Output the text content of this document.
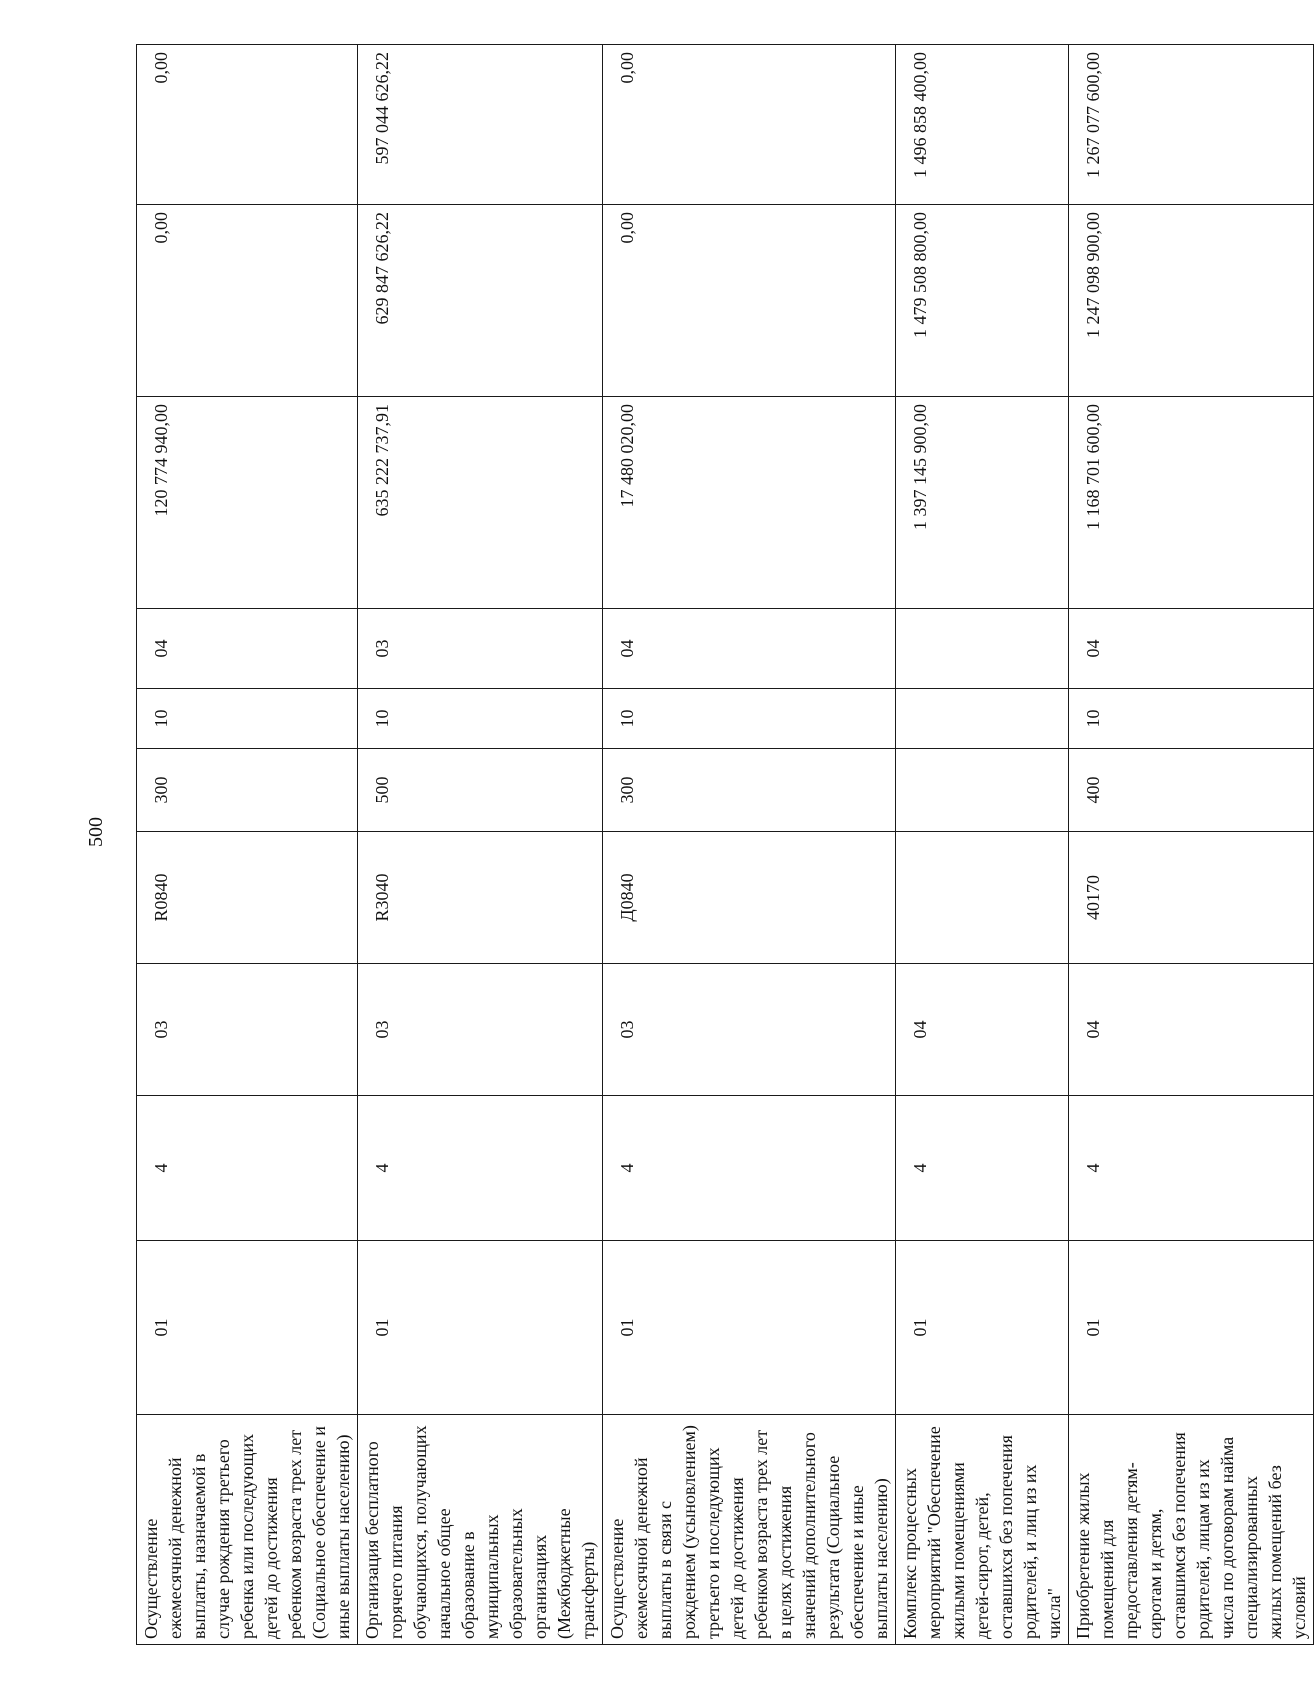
500
Осуществление ежемесячной денежной выплаты, назначаемой в случае рождения третьего ребенка или последующих детей до достижения ребенком возраста трех лет (Социальное обеспечение и иные выплаты населению)	01	4	03	R0840	300	10	04	120 774 940,00	0,00	0,00
Организация бесплатного горячего питания обучающихся, получающих начальное общее образование в муниципальных образовательных организациях (Межбюджетные трансферты)	01	4	03	R3040	500	10	03	635 222 737,91	629 847 626,22	597 044 626,22
Осуществление ежемесячной денежной выплаты в связи с рождением (усыновлением) третьего и последующих детей до достижения ребенком возраста трех лет в целях достижения значений дополнительного результата (Социальное обеспечение и иные выплаты населению)	01	4	03	Д0840	300	10	04	17 480 020,00	0,00	0,00
Комплекс процессных мероприятий "Обеспечение жилыми помещениями детей-сирот, детей, оставшихся без попечения родителей, и лиц из их числа"	01	4	04					1 397 145 900,00	1 479 508 800,00	1 496 858 400,00
Приобретение жилых помещений для предоставления детям-сиротам и детям, оставшимся без попечения родителей, лицам из их числа по договорам найма специализированных жилых помещений без условий	01	4	04	40170	400	10	04	1 168 701 600,00	1 247 098 900,00	1 267 077 600,00
